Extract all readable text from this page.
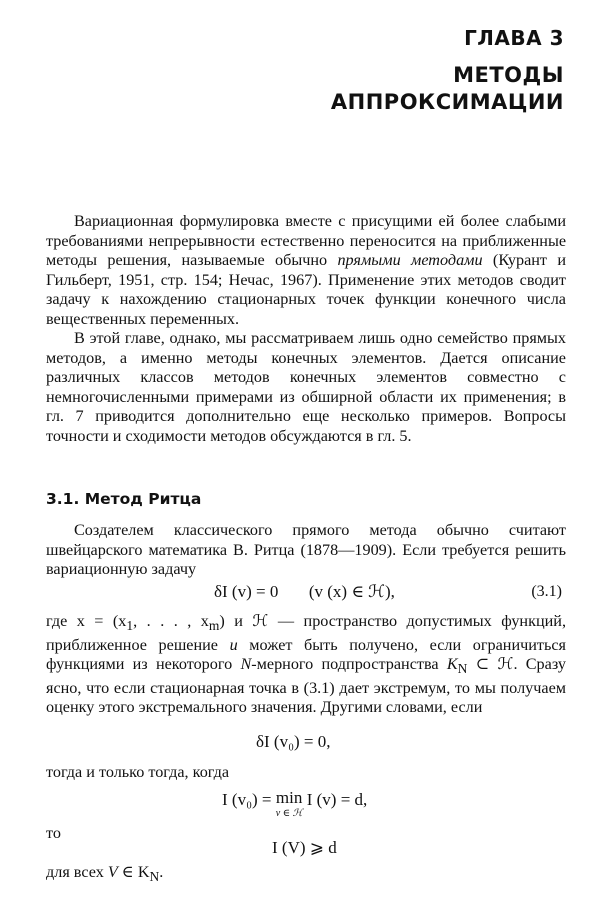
ГЛАВА 3
МЕТОДЫ
АППРОКСИМАЦИИ

Вариационная формулировка вместе с присущими ей более слабыми требованиями непрерывности естественно переносится на приближенные методы решения, называемые обычно прямыми методами (Курант и Гильберт, 1951, стр. 154; Нечас, 1967). Применение этих методов сводит задачу к нахождению стационарных точек функции конечного числа вещественных переменных.

В этой главе, однако, мы рассматриваем лишь одно семейство прямых методов, а именно методы конечных элементов. Дается описание различных классов методов конечных элементов совместно с немногочисленными примерами из обширной области их применения; в гл. 7 приводится дополнительно еще несколько примеров. Вопросы точности и сходимости методов обсуждаются в гл. 5.

3.1. Метод Ритца

Создателем классического прямого метода обычно считают швейцарского математика В. Ритца (1878—1909). Если требуется решить вариационную задачу

δI (v) = 0 (v (x) ∈ ℋ),	(3.1)

где $x = (x_1$, . . . , $x_m$) и ℋ — пространство допустимых функций, приближенное решение u может быть получено, если ограничиться функциями из некоторого N-мерного подпространства $K_N$ ⊂ ℋ. Сразу ясно, что если стационарная точка в (3.1) дает экстремум, то мы получаем оценку этого экстремального значения. Другими словами, если

δI (v₀) = 0,
тогда и только тогда, когда
I (v₀) = min
v ∈ ℋ
I (v) = d,
то
I (V) ⩾ d
для всех V ∈ $K_N$.
